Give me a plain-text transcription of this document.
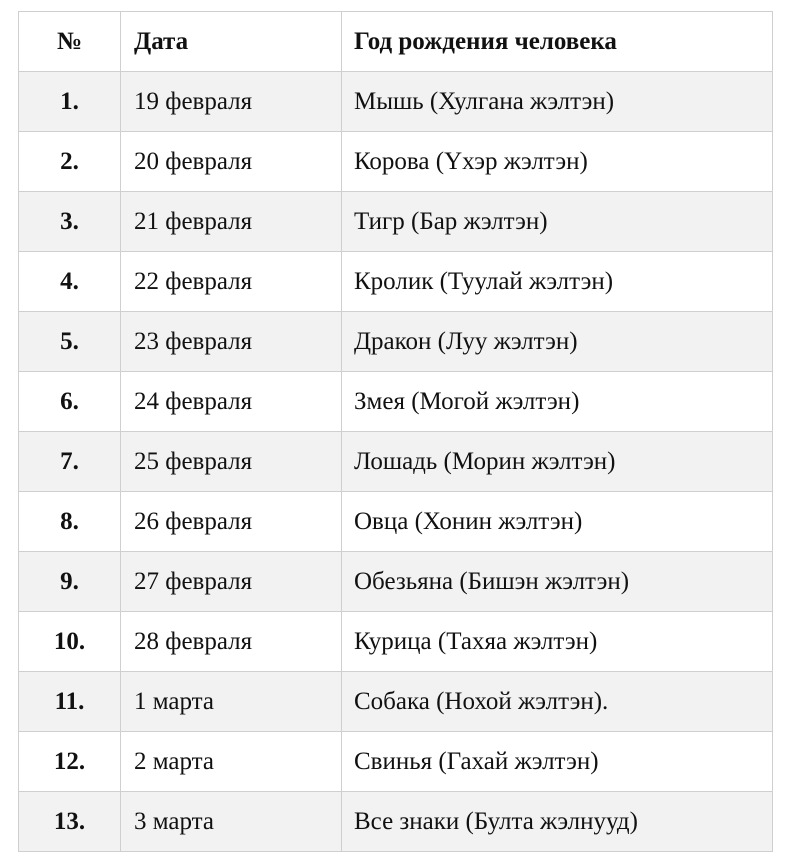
№	Дата	Год рождения человека
1.	19 февраля	Мышь (Хулгана жэлтэн)
2.	20 февраля	Корова (Үхэр жэлтэн)
3.	21 февраля	Тигр (Бар жэлтэн)
4.	22 февраля	Кролик (Туулай жэлтэн)
5.	23 февраля	Дракон (Луу жэлтэн)
6.	24 февраля	Змея (Могой жэлтэн)
7.	25 февраля	Лошадь (Морин жэлтэн)
8.	26 февраля	Овца (Хонин жэлтэн)
9.	27 февраля	Обезьяна (Бишэн жэлтэн)
10.	28 февраля	Курица (Тахяа жэлтэн)
11.	1 марта	Собака (Нохой жэлтэн).
12.	2 марта	Свинья (Гахай жэлтэн)
13.	3 марта	Все знаки (Булта жэлнууд)
